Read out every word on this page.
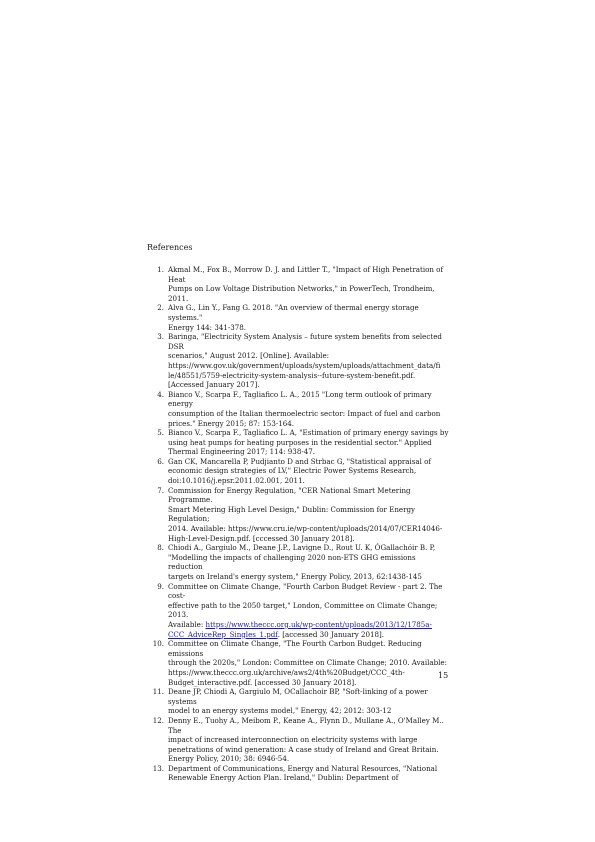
References
1. Akmal M., Fox B., Morrow D. J. and Littler T., "Impact of High Penetration of Heat
Pumps on Low Voltage Distribution Networks," in PowerTech, Trondheim, 2011.
2. Alva G., Lin Y., Fang G. 2018. "An overview of thermal energy storage systems."
Energy 144: 341-378.
3. Baringa, "Electricity System Analysis – future system benefits from selected DSR
scenarios," August 2012. [Online]. Available:
https://www.gov.uk/government/uploads/system/uploads/attachment_data/fi
le/48551/5759-electricity-system-analysis--future-system-benefit.pdf.
[Accessed January 2017].
4. Bianco V., Scarpa F., Tagliafico L. A., 2015 "Long term outlook of primary energy
consumption of the Italian thermoelectric sector: Impact of fuel and carbon
prices." Energy 2015; 87: 153-164.
5. Bianco V., Scarpa F., Tagliafico L. A, "Estimation of primary energy savings by
using heat pumps for heating purposes in the residential sector." Applied
Thermal Engineering 2017; 114: 938-47.
6. Gan CK, Mancarella P, Pudjianto D and Strbac G, "Statistical appraisal of
economic design strategies of LV," Electric Power Systems Research,
doi:10.1016/j.epsr.2011.02.001, 2011.
7. Commission for Energy Regulation, "CER National Smart Metering Programme.
Smart Metering High Level Design," Dublin: Commission for Energy Regulation;
2014. Available: https://www.cru.ie/wp-content/uploads/2014/07/CER14046-
High-Level-Design.pdf. [cccessed 30 January 2018].
8. Chiodi A., Gargiulo M., Deane J.P., Lavigne D., Rout U. K, ÓGallachóir B. P,
"Modelling the impacts of challenging 2020 non-ETS GHG emissions reduction
targets on Ireland's energy system," Energy Policy, 2013, 62:1438-145
9. Committee on Climate Change, "Fourth Carbon Budget Review - part 2. The cost-
effective path to the 2050 target," London, Committee on Climate Change; 2013.
Available: https://www.theccc.org.uk/wp-content/uploads/2013/12/1785a-
CCC_AdviceRep_Singles_1.pdf. [accessed 30 January 2018].
10. Committee on Climate Change, "The Fourth Carbon Budget. Reducing emissions
through the 2020s," London: Committee on Climate Change; 2010. Available:
https://www.theccc.org.uk/archive/aws2/4th%20Budget/CCC_4th-
Budget_interactive.pdf. [accessed 30 January 2018].
11. Deane JP, Chiodi A, Gargiulo M, OCallachoir BP, "Soft-linking of a power systems
model to an energy systems model," Energy, 42; 2012: 303-12
12. Denny E., Tuohy A., Meibom P., Keane A., Flynn D., Mullane A., O'Malley M.. The
impact of increased interconnection on electricity systems with large
penetrations of wind generation: A case study of Ireland and Great Britain.
Energy Policy, 2010; 38: 6946-54.
13. Department of Communications, Energy and Natural Resources, "National
Renewable Energy Action Plan. Ireland," Dublin: Department of
15
